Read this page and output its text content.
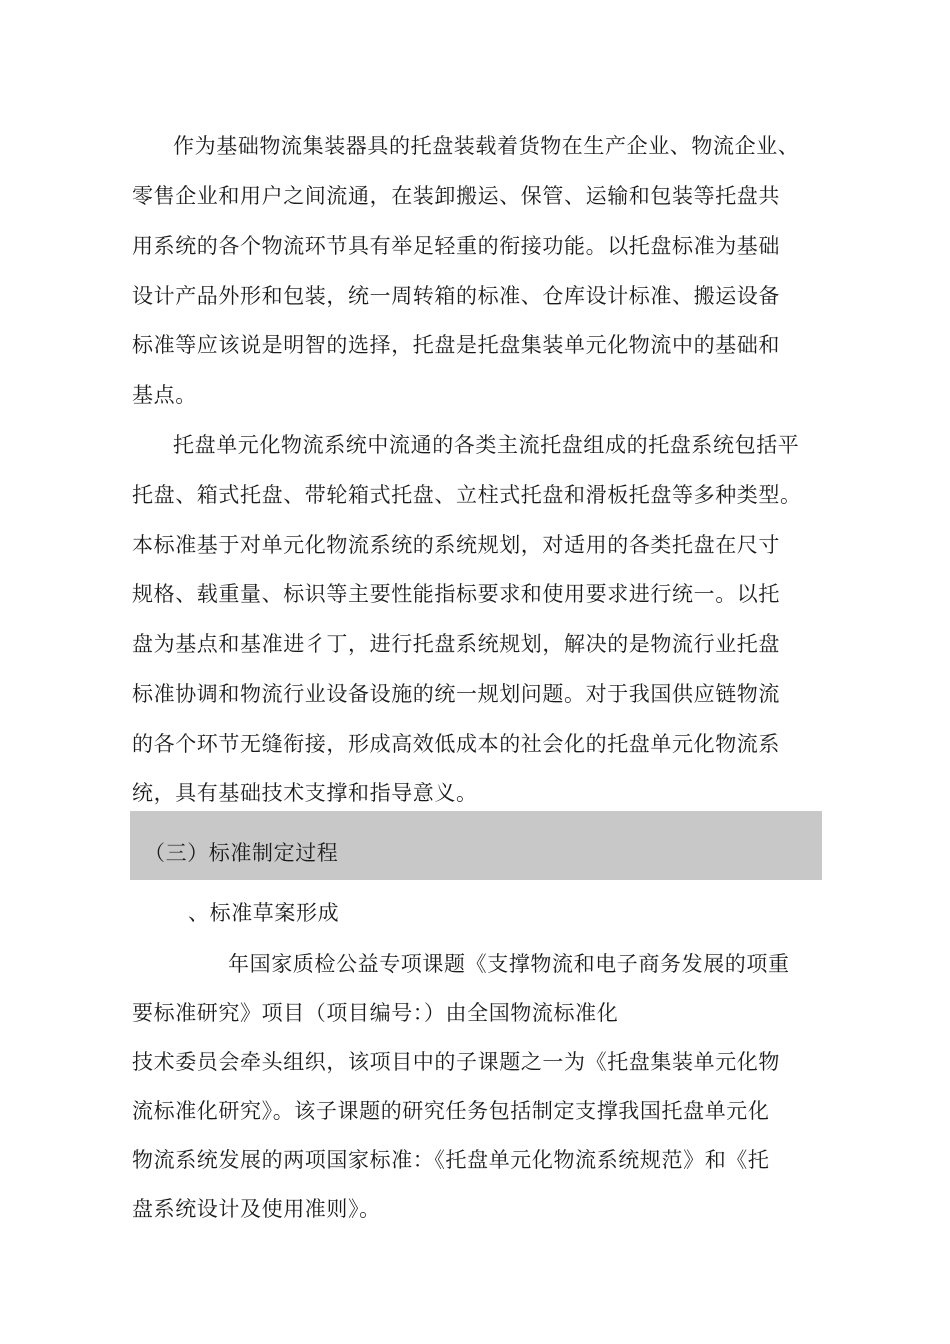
作为基础物流集装器具的托盘装载着货物在生产企业、物流企业、
零售企业和用户之间流通，在装卸搬运、保管、运输和包装等托盘共
用系统的各个物流环节具有举足轻重的衔接功能。以托盘标准为基础
设计产品外形和包装，统一周转箱的标准、仓库设计标准、搬运设备
标准等应该说是明智的选择，托盘是托盘集装单元化物流中的基础和
基点。
托盘单元化物流系统中流通的各类主流托盘组成的托盘系统包括平
托盘、箱式托盘、带轮箱式托盘、立柱式托盘和滑板托盘等多种类型。
本标准基于对单元化物流系统的系统规划，对适用的各类托盘在尺寸
规格、载重量、标识等主要性能指标要求和使用要求进行统一。以托
盘为基点和基准进彳丁，进行托盘系统规划，解决的是物流行业托盘
标准协调和物流行业设备设施的统一规划问题。对于我国供应链物流
的各个环节无缝衔接，形成高效低成本的社会化的托盘单元化物流系
统，具有基础技术支撑和指导意义。
（三）标准制定过程
、标准草案形成
年国家质检公益专项课题《支撑物流和电子商务发展的项重
要标准研究》项目（项目编号：）由全国物流标准化
技术委员会牵头组织，该项目中的子课题之一为《托盘集装单元化物
流标准化研究》。该子课题的研究任务包括制定支撑我国托盘单元化
物流系统发展的两项国家标准：《托盘单元化物流系统规范》和《托
盘系统设计及使用准则》。
